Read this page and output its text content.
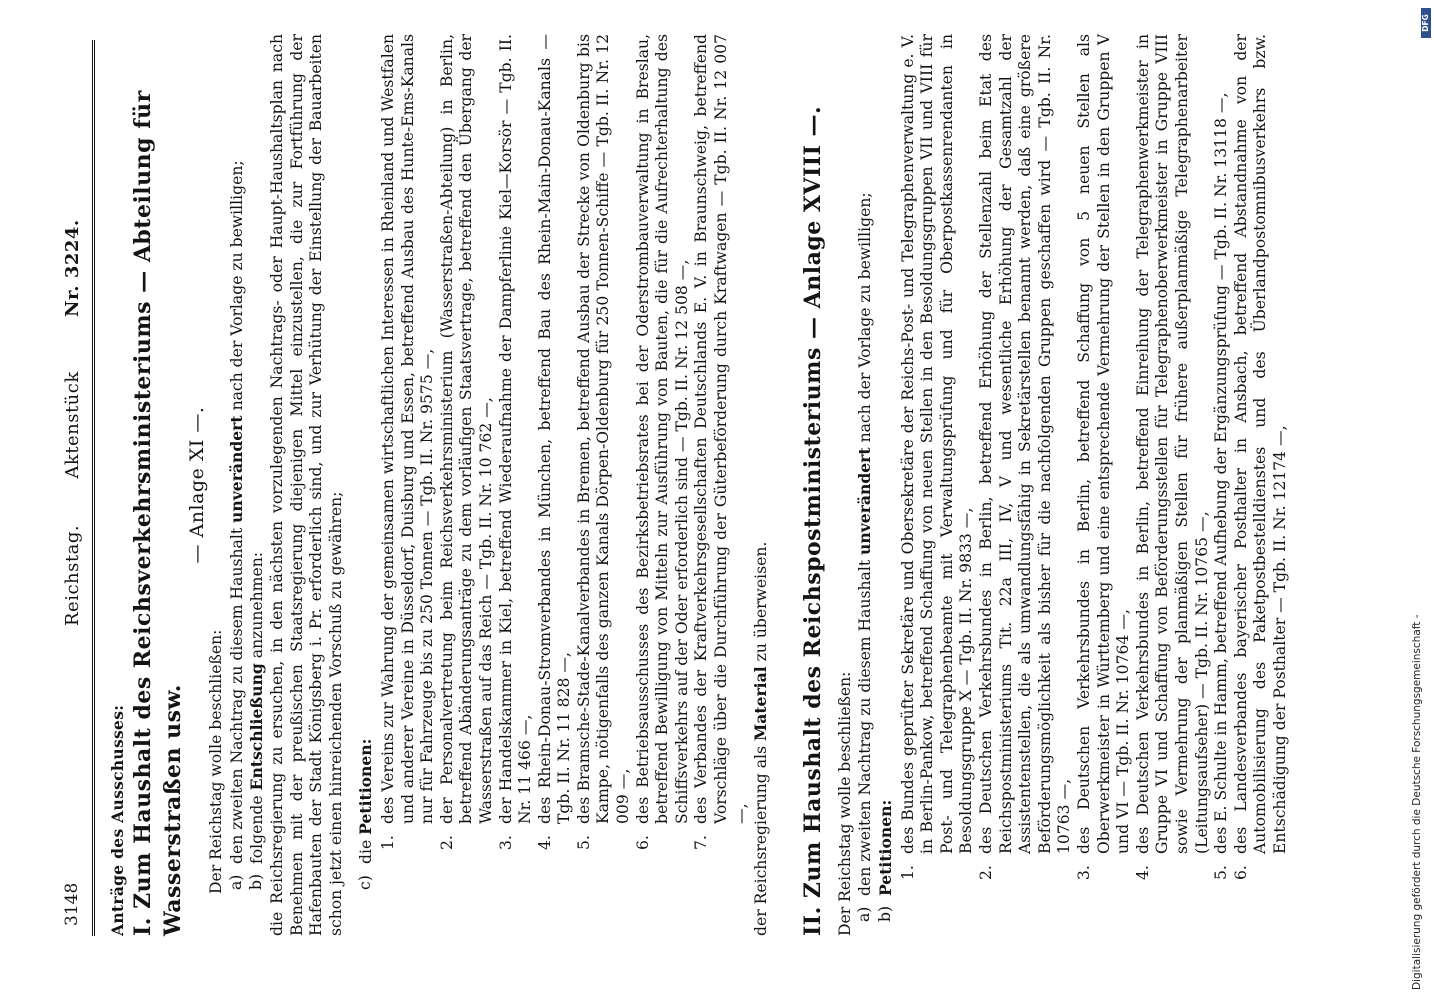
3148
Reichstag. Aktenstück Nr. 3224.

Anträge des Ausschusses: I. Zum Haushalt des Reichsverkehrsministeriums — Abteilung für Wasserstraßen usw.

— Anlage XI —.

Der Reichstag wolle beschließen: a)
den zweiten Nachtrag zu diesem Haushalt unverändert nach der Vorlage zu bewilligen;
b)
folgende Entschließung anzunehmen: die Reichsregierung zu ersuchen, in den nächsten vorzulegenden Nachtrags- oder Haupt-Haushaltsplan nach Benehmen mit der preußischen Staatsregierung diejenigen Mittel einzustellen, die zur Fortführung der Hafenbauten der Stadt Königsberg i. Pr. erforderlich sind, und zur Verhütung der Einstellung der Bauarbeiten schon jetzt einen hinreichenden Vorschuß zu gewähren; c)
die Petitionen:
1.
des Vereins zur Wahrung der gemeinsamen wirtschaftlichen Interessen in Rheinland und Westfalen und anderer Vereine in Düsseldorf, Duisburg und Essen, betreffend Ausbau des Hunte-Ems-Kanals nur für Fahrzeuge bis zu 250 Tonnen — Tgb. II. Nr. 9575 —,
2.
der Personalvertretung beim Reichsverkehrsministerium (Wasserstraßen-Abteilung) in Berlin, betreffend Abänderungsanträge zu dem vorläufigen Staatsvertrage, betreffend den Übergang der Wasserstraßen auf das Reich — Tgb. II. Nr. 10 762 —,
3.
der Handelskammer in Kiel, betreffend Wiederaufnahme der Dampferlinie Kiel—Korsör — Tgb. II. Nr. 11 466 —,
4.
des Rhein-Donau-Stromverbandes in München, betreffend Bau des Rhein-Main-Donau-Kanals — Tgb. II. Nr. 11 828 —,
5.
des Bramsche-Stade-Kanalverbandes in Bremen, betreffend Ausbau der Strecke von Oldenburg bis Kampe, nötigenfalls des ganzen Kanals Dörpen-Oldenburg für 250 Tonnen-Schiffe — Tgb. II. Nr. 12 009 —,
6.
des Betriebsausschusses des Bezirksbetriebsrates bei der Oderstrombauverwaltung in Breslau, betreffend Bewilligung von Mitteln zur Ausführung von Bauten, die für die Aufrechterhaltung des Schiffsverkehrs auf der Oder erforderlich sind — Tgb. II. Nr. 12 508 —,
7.
des Verbandes der Kraftverkehrsgesellschaften Deutschlands E. V. in Braunschweig, betreffend Vorschläge über die Durchführung der Güterbeförderung durch Kraftwagen — Tgb. II. Nr. 12 007 —, der Reichsregierung als Material zu überweisen. II. Zum Haushalt des Reichspostministeriums — Anlage XVIII —. Der Reichstag wolle beschließen: a)
den zweiten Nachtrag zu diesem Haushalt unverändert nach der Vorlage zu bewilligen;
b)
Petitionen: 1.
des Bundes geprüfter Sekretäre und Obersekretäre der Reichs-Post- und Telegraphenverwaltung e. V. in Berlin-Pankow, betreffend Schaffung von neuen Stellen in den Besoldungsgruppen VII und VIII für Post- und Telegraphenbeamte mit Verwaltungsprüfung und für Oberpostkassenrendanten in Besoldungsgruppe X — Tgb. II. Nr. 9833 —,
2.
des Deutschen Verkehrsbundes in Berlin, betreffend Erhöhung der Stellenzahl beim Etat des Reichspostministeriums Tit. 22a III, IV, V und wesentliche Erhöhung der Gesamtzahl der Assistentenstellen, die als umwandlungsfähig in Sekretärstellen benannt werden, daß eine größere Beförderungsmöglichkeit als bisher für die nachfolgenden Gruppen geschaffen wird — Tgb. II. Nr. 10763 —,
3.
des Deutschen Verkehrsbundes in Berlin, betreffend Schaffung von 5 neuen Stellen als Oberwerkmeister in Württemberg und eine entsprechende Vermehrung der Stellen in den Gruppen V und VI — Tgb. II. Nr. 10764 —,
4.
des Deutschen Verkehrsbundes in Berlin, betreffend Einreihung der Telegraphenwerkmeister in Gruppe VI und Schaffung von Beförderungsstellen für Telegraphenoberwerkmeister in Gruppe VIII sowie Vermehrung der planmäßigen Stellen für frühere außerplanmäßige Telegraphenarbeiter (Leitungsaufseher) — Tgb. II. Nr. 10765 —,
5.
des E. Schulte in Hamm, betreffend Aufhebung der Ergänzungsprüfung — Tgb. II. Nr. 13118 —,
6.
des Landesverbandes bayerischer Posthalter in Ansbach, betreffend Abstandnahme von der Automobilisierung des Paketpostbestelldienstes und des Überlandpostomnibusverkehrs bzw. Entschädigung der Posthalter — Tgb. II. Nr. 12174 —,	Digitalisierung gefördert durch die Deutsche Forschungsgemeinschaft -
DFG
